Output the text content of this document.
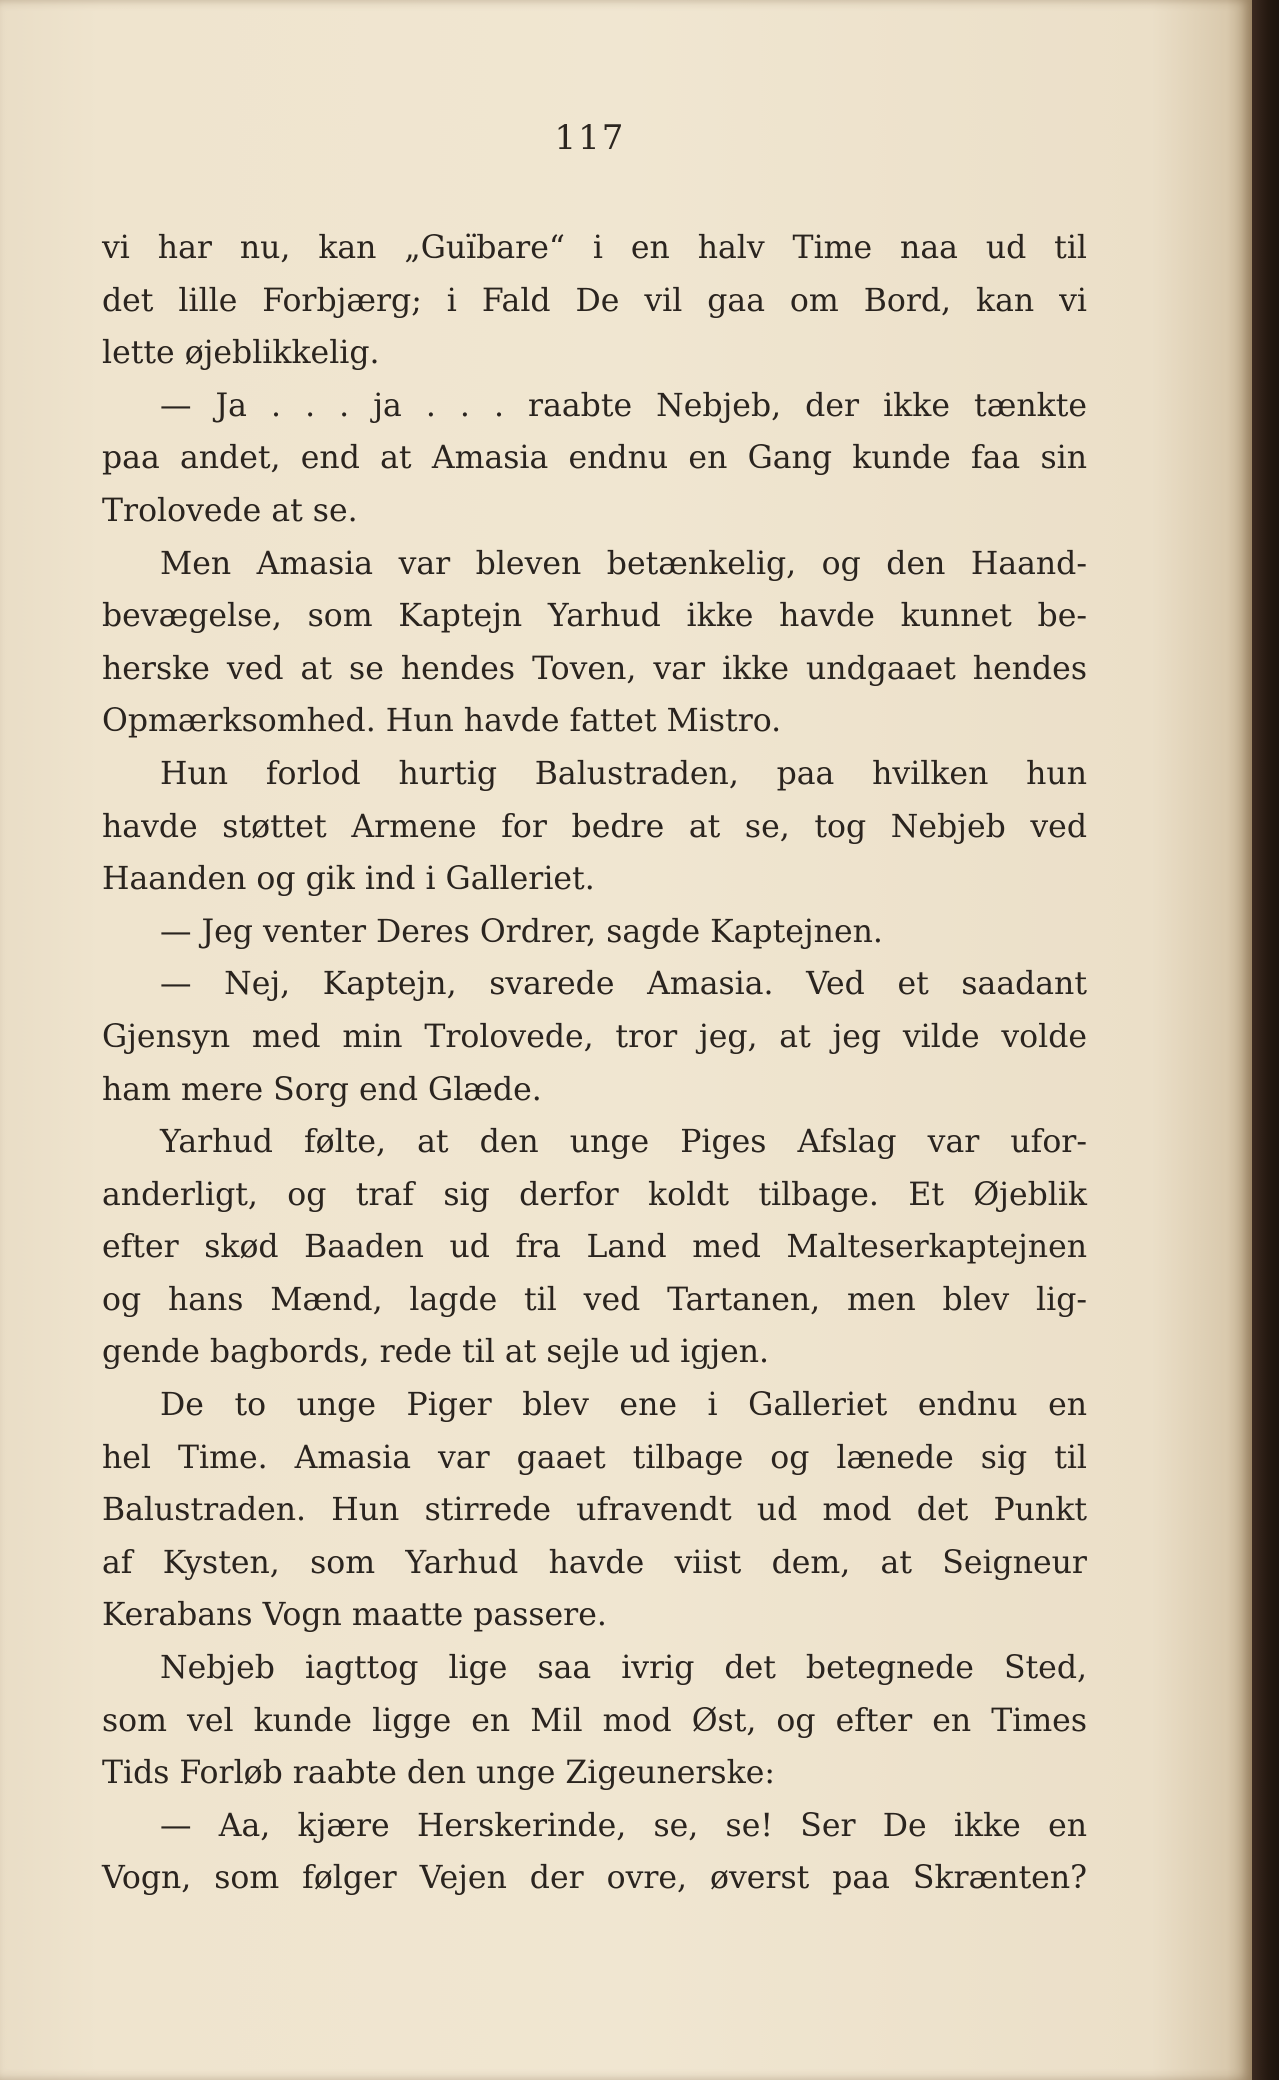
117
vi har nu, kan „Guïbare“ i en halv Time naa ud til
det lille Forbjærg; i Fald De vil gaa om Bord, kan vi
lette øjeblikkelig.
— Ja . . . ja . . . raabte Nebjeb, der ikke tænkte
paa andet, end at Amasia endnu en Gang kunde faa sin
Trolovede at se.
Men Amasia var bleven betænkelig, og den Haand-
bevægelse, som Kaptejn Yarhud ikke havde kunnet be-
herske ved at se hendes Toven, var ikke undgaaet hendes
Opmærksomhed. Hun havde fattet Mistro.
Hun forlod hurtig Balustraden, paa hvilken hun
havde støttet Armene for bedre at se, tog Nebjeb ved
Haanden og gik ind i Galleriet.
— Jeg venter Deres Ordrer, sagde Kaptejnen.
— Nej, Kaptejn, svarede Amasia. Ved et saadant
Gjensyn med min Trolovede, tror jeg, at jeg vilde volde
ham mere Sorg end Glæde.
Yarhud følte, at den unge Piges Afslag var ufor-
anderligt, og traf sig derfor koldt tilbage. Et Øjeblik
efter skød Baaden ud fra Land med Malteserkaptejnen
og hans Mænd, lagde til ved Tartanen, men blev lig-
gende bagbords, rede til at sejle ud igjen.
De to unge Piger blev ene i Galleriet endnu en
hel Time. Amasia var gaaet tilbage og lænede sig til
Balustraden. Hun stirrede ufravendt ud mod det Punkt
af Kysten, som Yarhud havde viist dem, at Seigneur
Kerabans Vogn maatte passere.
Nebjeb iagttog lige saa ivrig det betegnede Sted,
som vel kunde ligge en Mil mod Øst, og efter en Times
Tids Forløb raabte den unge Zigeunerske:
— Aa, kjære Herskerinde, se, se! Ser De ikke en
Vogn, som følger Vejen der ovre, øverst paa Skrænten?
